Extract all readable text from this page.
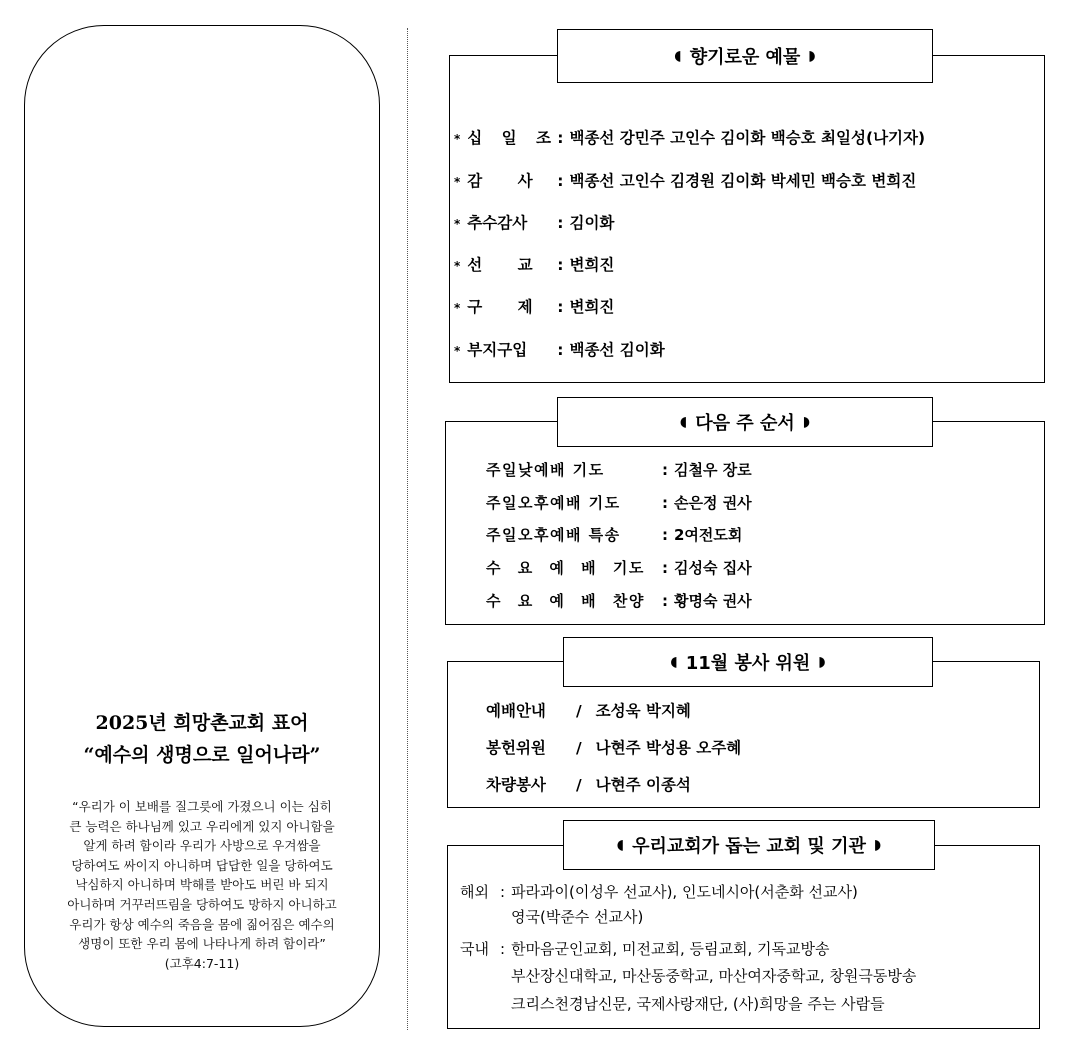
2025년 희망촌교회 표어
“예수의 생명으로 일어나라”
“우리가 이 보배를 질그릇에 가졌으니 이는 심히
큰 능력은 하나님께 있고 우리에게 있지 아니함을
알게 하려 함이라 우리가 사방으로 우겨쌈을
당하여도 싸이지 아니하며 답답한 일을 당하여도
낙심하지 아니하며 박해를 받아도 버린 바 되지
아니하며 거꾸러뜨림을 당하여도 망하지 아니하고
우리가 항상 예수의 죽음을 몸에 짊어짐은 예수의
생명이 또한 우리 몸에 나타나게 하려 함이라”
(고후4:7-11)
◖ 향기로운 예물 ◗
* 십 일 조: 백종선 강민주 고인수 김이화 백승호 최일성(나기자)
* 감 사 : 백종선 고인수 김경원 김이화 박세민 백승호 변희진
* 추수감사 : 김이화
* 선 교 : 변희진
* 구 제 : 변희진
* 부지구입 : 백종선 김이화
◖ 다음 주 순서 ◗
주일낮예배 기도	: 김철우 장로
주일오후예배 기도	: 손은정 권사
주일오후예배 특송	: 2여전도회
수 요 예 배 기도 : 김성숙 집사
수 요 예 배 찬양 : 황명숙 권사
◖ 11월 봉사 위원 ◗
예배안내 / 조성욱 박지혜
봉헌위원 / 나현주 박성용 오주혜
차량봉사 / 나현주 이종석
◖ 우리교회가 돕는 교회 및 기관 ◗
해외 : 파라과이(이성우 선교사), 인도네시아(서춘화 선교사)
영국(박준수 선교사)
국내 : 한마음군인교회, 미전교회, 등림교회, 기독교방송
부산장신대학교, 마산동중학교, 마산여자중학교, 창원극동방송
크리스천경남신문, 국제사랑재단, (사)희망을 주는 사람들
